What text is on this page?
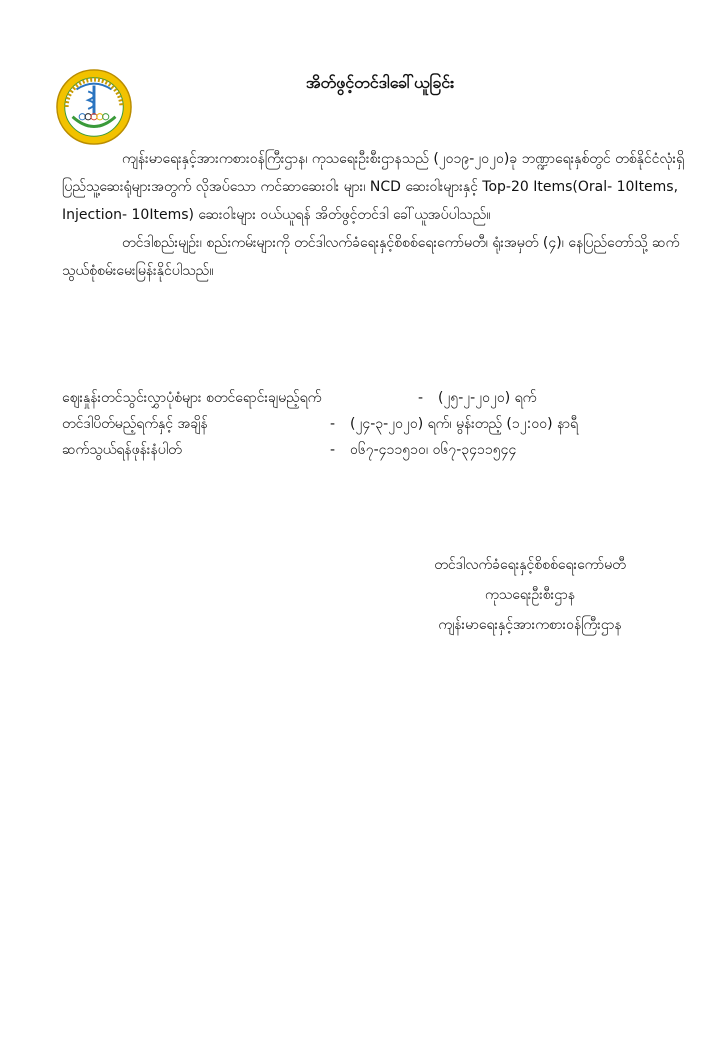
အိတ်ဖွင့်တင်ဒါခေါ်ယူခြင်း

ကျန်းမာရေးနှင့်အားကစားဝန်ကြီးဌာန၊ ကုသရေးဦးစီးဌာနသည် (၂၀၁၉-၂၀၂၀)ခု ဘဏ္ဍာရေးနှစ်တွင် တစ်နိုင်ငံလုံးရှိ ပြည်သူ့ဆေးရုံများအတွက် လိုအပ်သော ကင်ဆာဆေးဝါး များ၊ NCD ဆေးဝါးများနှင့် Top-20 Items(Oral- 10Items, Injection- 10Items) ဆေးဝါးများ ဝယ်ယူရန် အိတ်ဖွင့်တင်ဒါ ခေါ်ယူအပ်ပါသည်။

တင်ဒါစည်းမျဉ်း၊ စည်းကမ်းများကို တင်ဒါလက်ခံရေးနှင့်စိစစ်ရေးကော်မတီ၊ ရုံးအမှတ် (၄)၊ နေပြည်တော်သို့ ဆက်သွယ်စုံစမ်းမေးမြန်းနိုင်ပါသည်။

ဈေးနှုန်းတင်သွင်းလွှာပုံစံများ စတင်ရောင်းချမည့်ရက်	-	(၂၅-၂-၂၀၂၀) ရက်
တင်ဒါပိတ်မည့်ရက်နှင့် အချိန်	-	(၂၄-၃-၂၀၂၀) ရက်၊ မွန်းတည့် (၁၂:၀၀) နာရီ
ဆက်သွယ်ရန်ဖုန်းနံပါတ်	-	၀၆၇-၄၁၁၅၁၀၊ ၀၆၇-၃၄၁၁၅၄၄
တင်ဒါလက်ခံရေးနှင့်စိစစ်ရေးကော်မတီ
ကုသရေးဦးစီးဌာန
ကျန်းမာရေးနှင့်အားကစားဝန်ကြီးဌာန
